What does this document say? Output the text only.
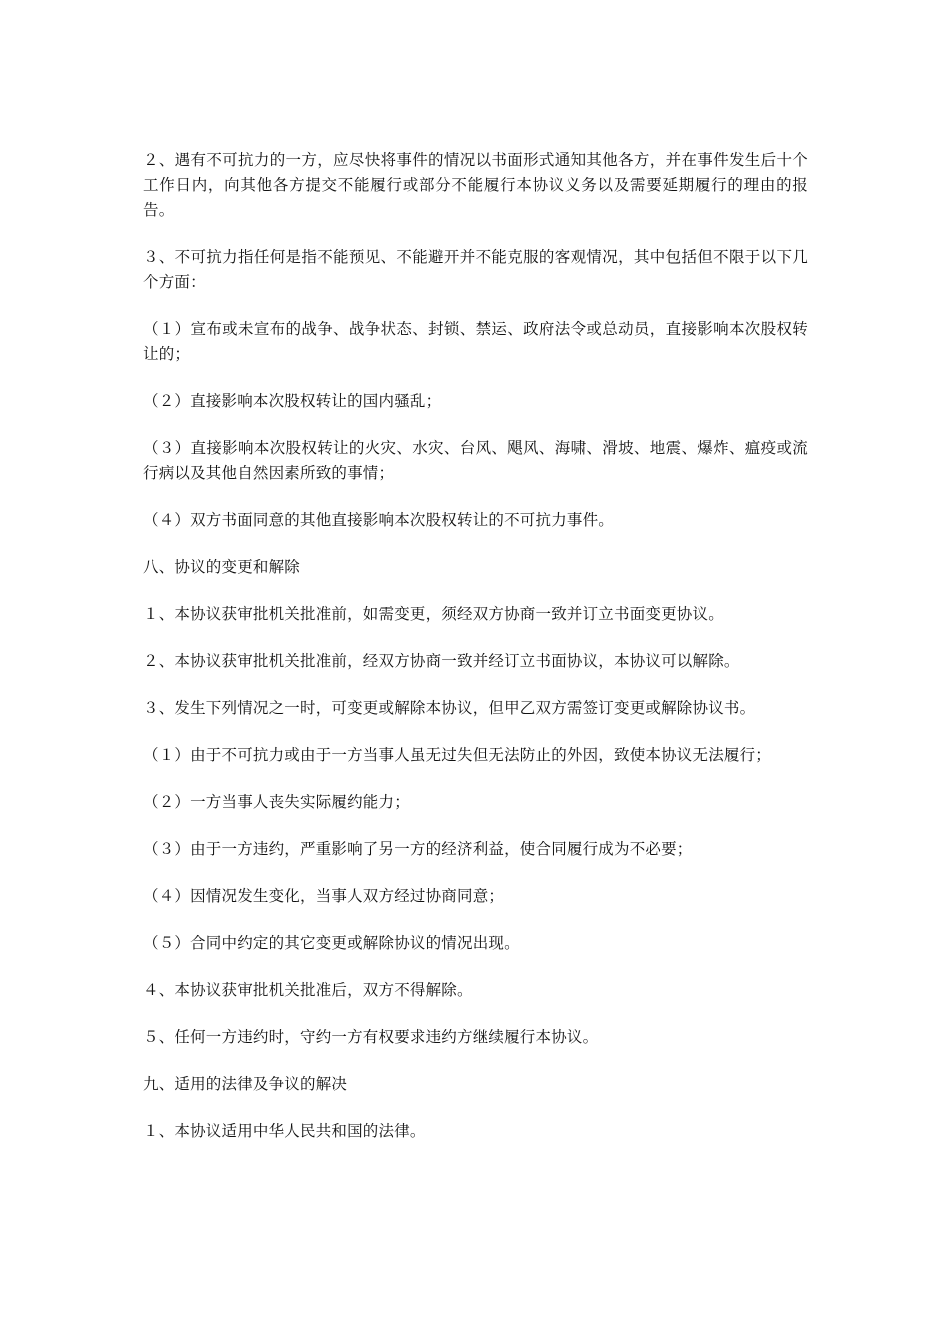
２、遇有不可抗力的一方，应尽快将事件的情况以书面形式通知其他各方，并在事件发生后十个工作日内，向其他各方提交不能履行或部分不能履行本协议义务以及需要延期履行的理由的报告。

３、不可抗力指任何是指不能预见、不能避开并不能克服的客观情况，其中包括但不限于以下几个方面：

（１）宣布或未宣布的战争、战争状态、封锁、禁运、政府法令或总动员，直接影响本次股权转让的；

（２）直接影响本次股权转让的国内骚乱；

（３）直接影响本次股权转让的火灾、水灾、台风、飓风、海啸、滑坡、地震、爆炸、瘟疫或流行病以及其他自然因素所致的事情；

（４）双方书面同意的其他直接影响本次股权转让的不可抗力事件。

八、协议的变更和解除

１、本协议获审批机关批准前，如需变更，须经双方协商一致并订立书面变更协议。

２、本协议获审批机关批准前，经双方协商一致并经订立书面协议，本协议可以解除。

３、发生下列情况之一时，可变更或解除本协议，但甲乙双方需签订变更或解除协议书。

（１）由于不可抗力或由于一方当事人虽无过失但无法防止的外因，致使本协议无法履行；

（２）一方当事人丧失实际履约能力；

（３）由于一方违约，严重影响了另一方的经济利益，使合同履行成为不必要；

（４）因情况发生变化，当事人双方经过协商同意；

（５）合同中约定的其它变更或解除协议的情况出现。

４、本协议获审批机关批准后，双方不得解除。

５、任何一方违约时，守约一方有权要求违约方继续履行本协议。

九、适用的法律及争议的解决

１、本协议适用中华人民共和国的法律。
